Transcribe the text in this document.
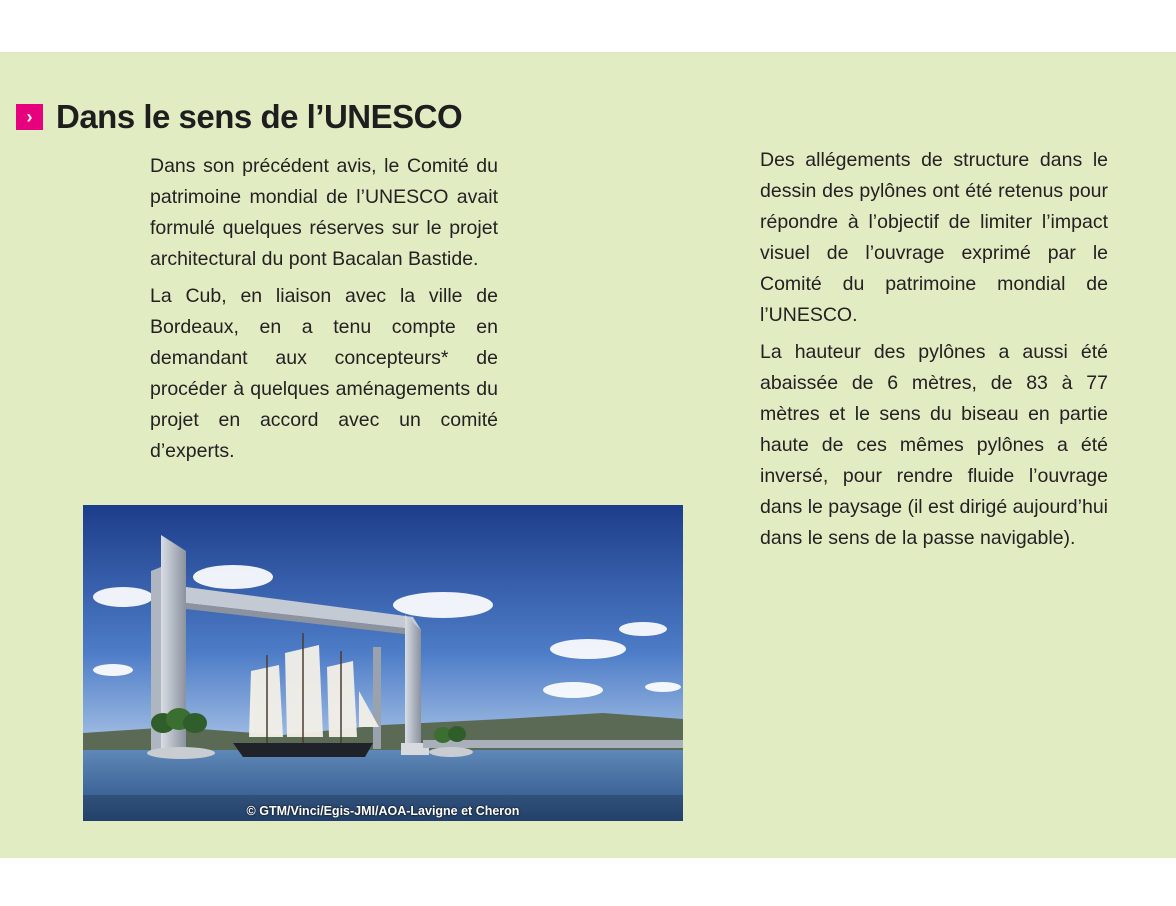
› Dans le sens de l’UNESCO

Dans son précédent avis, le Comité du patrimoine mondial de l’UNESCO avait formulé quelques réserves sur le projet architectural du pont Bacalan Bastide.

La Cub, en liaison avec la ville de Bordeaux, en a tenu compte en demandant aux concepteurs* de procéder à quelques aménagements du projet en accord avec un comité d’experts.

Des allégements de structure dans le dessin des pylônes ont été retenus pour répondre à l’objectif de limiter l’impact visuel de l’ouvrage exprimé par le Comité du patrimoine mondial de l’UNESCO.

La hauteur des pylônes a aussi été abaissée de 6 mètres, de 83 à 77 mètres et le sens du biseau en partie haute de ces mêmes pylônes a été inversé, pour rendre fluide l’ouvrage dans le paysage (il est dirigé aujourd’hui dans le sens de la passe navigable).

© GTM/Vinci/Egis-JMI/AOA-Lavigne et Cheron
